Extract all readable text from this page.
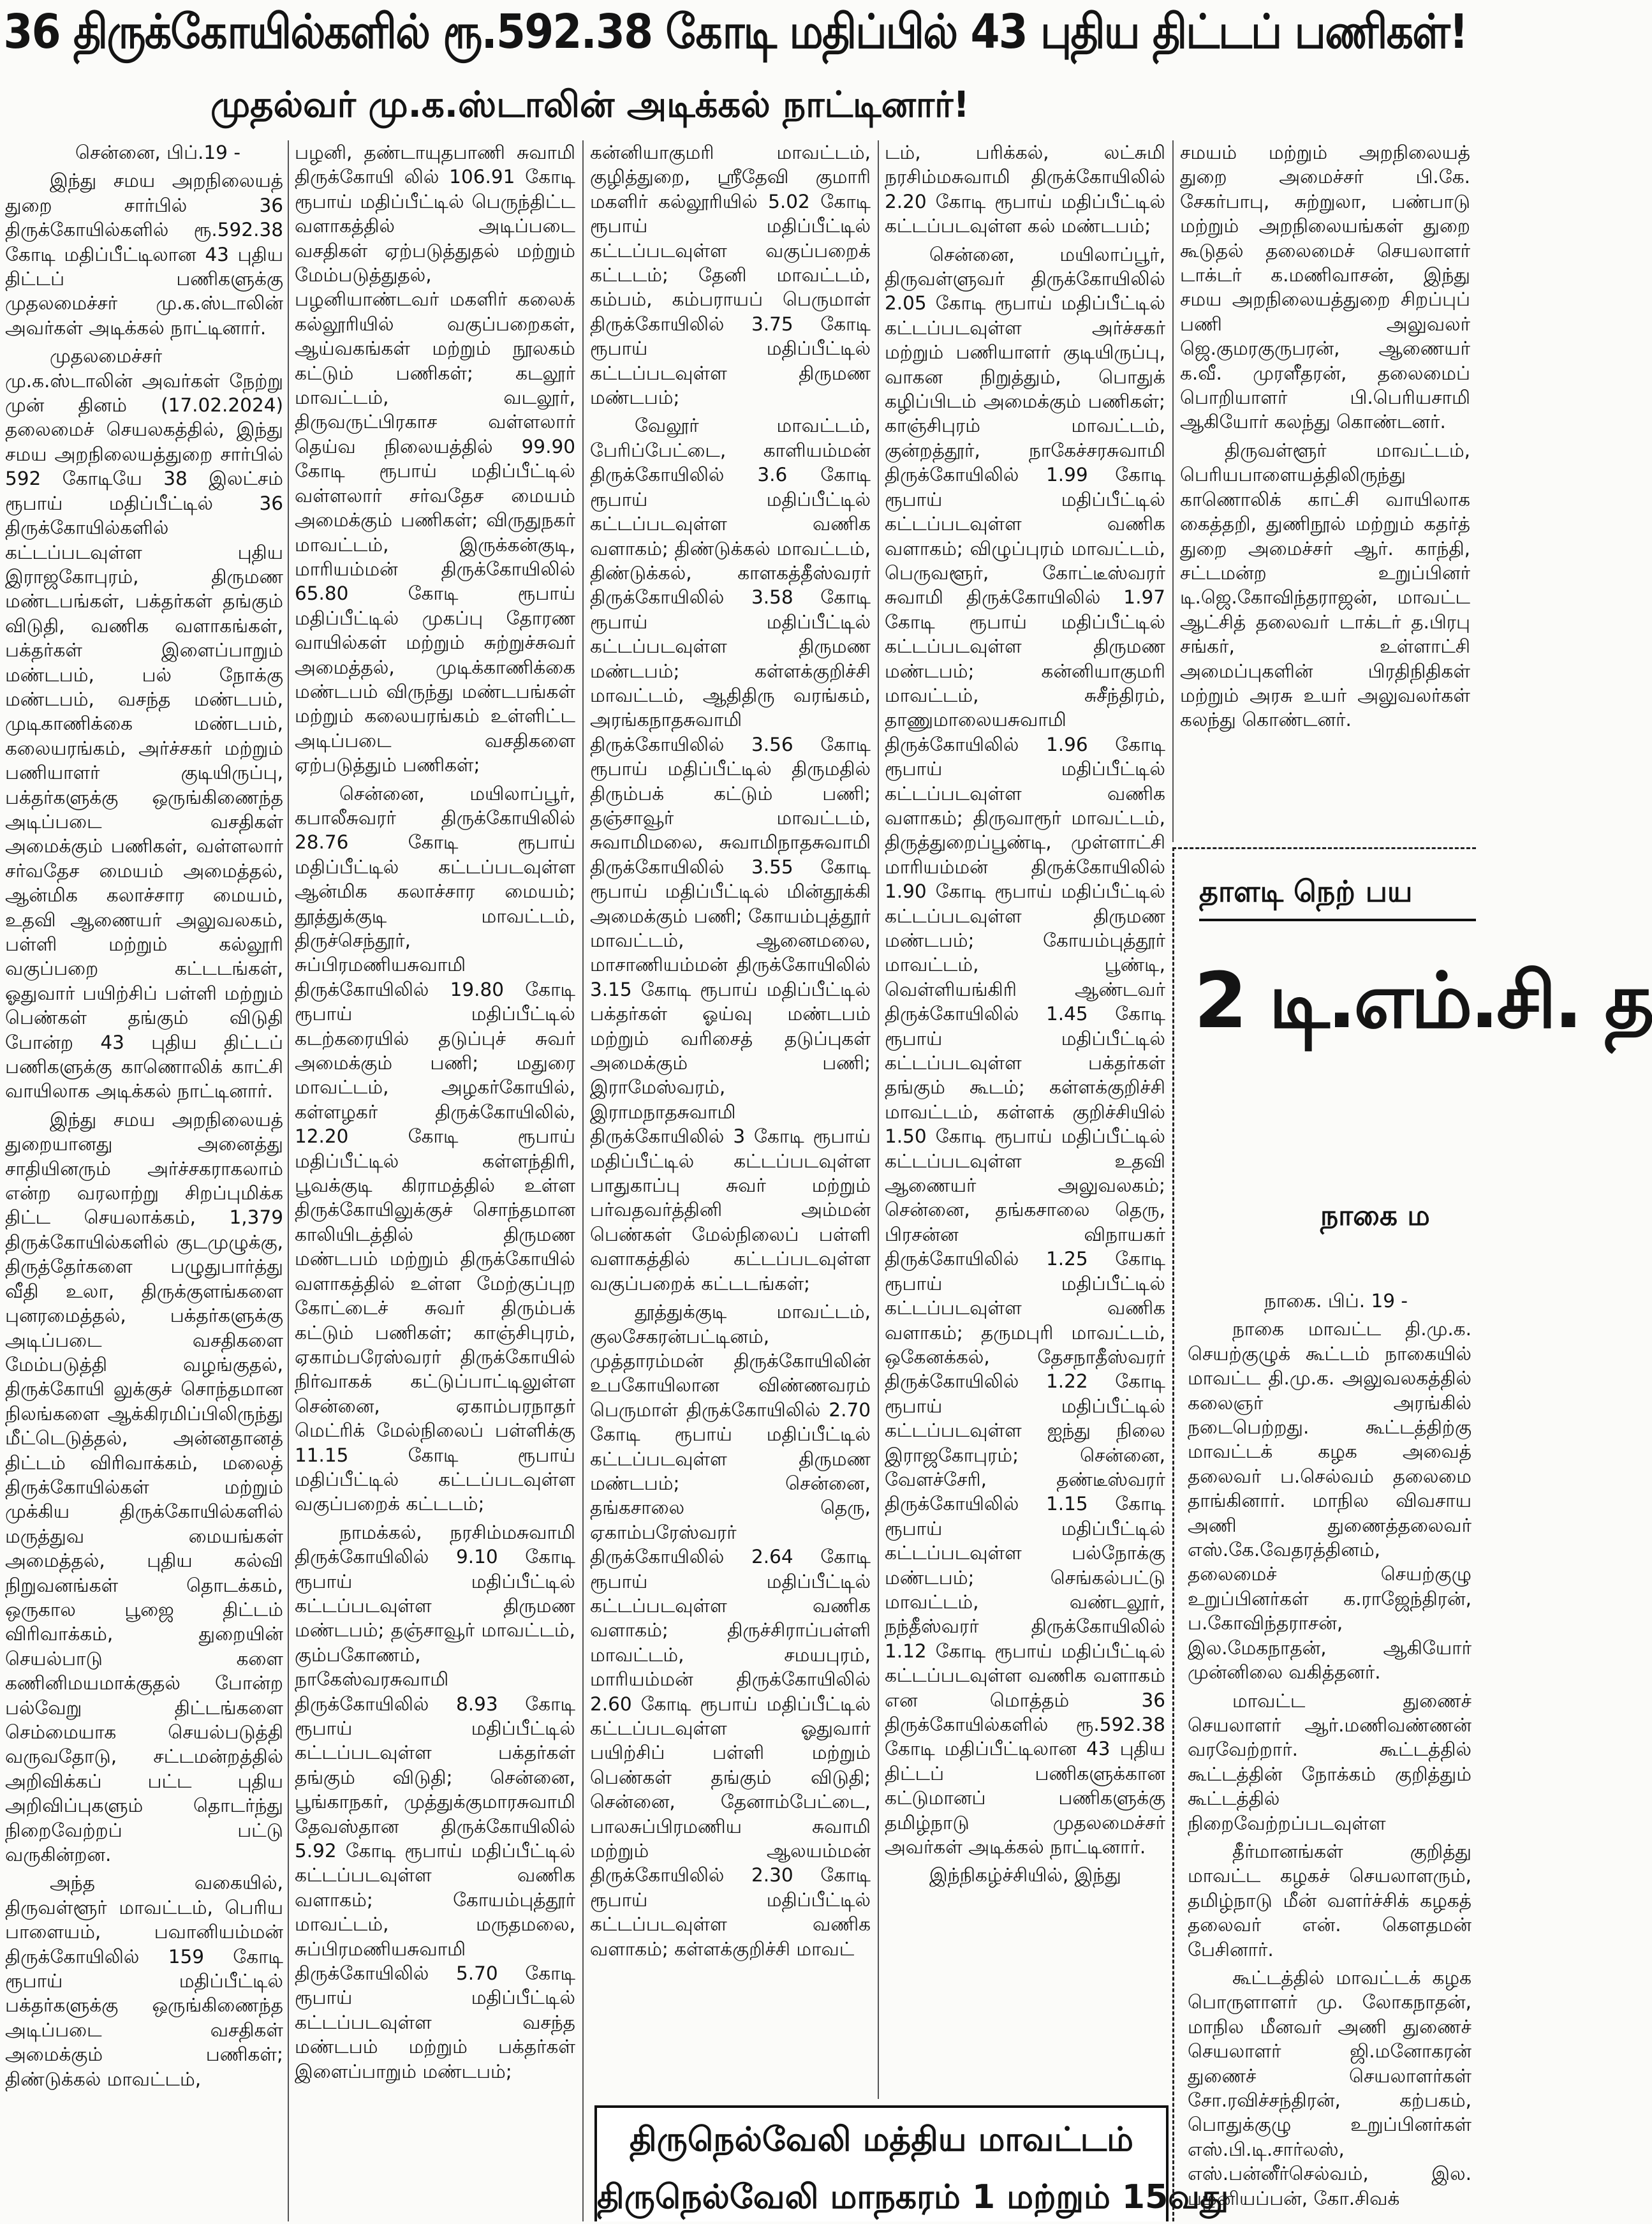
36 திருக்கோயில்களில் ரூ.592.38 கோடி மதிப்பில் 43 புதிய திட்டப் பணிகள்!
முதல்வர் மு.க.ஸ்டாலின் அடிக்கல் நாட்டினார்!

சென்னை, பிப்.19 -

இந்து சமய அறநிலையத் துறை சார்பில் 36 திருக்கோயில்களில் ரூ.592.38 கோடி மதிப்பீட்டிலான 43 புதிய திட்டப் பணிகளுக்கு முதலமைச்சர் மு.க.ஸ்டாலின் அவர்கள் அடிக்கல் நாட்டினார்.

முதலமைச்சர் மு.க.ஸ்டாலின் அவர்கள் நேற்று முன் தினம் (17.02.2024) தலைமைச் செயலகத்தில், இந்து சமய அறநிலையத்துறை சார்பில் 592 கோடியே 38 இலட்சம் ரூபாய் மதிப்பீட்டில் 36 திருக்கோயில்களில் கட்டப்படவுள்ள புதிய இராஜகோபுரம், திருமண மண்டபங்கள், பக்தர்கள் தங்கும் விடுதி, வணிக வளாகங்கள், பக்தர்கள் இளைப்பாறும் மண்டபம், பல் நோக்கு மண்டபம், வசந்த மண்டபம், முடிகாணிக்கை மண்டபம், கலையரங்கம், அர்ச்சகர் மற்றும் பணியாளர் குடியிருப்பு, பக்தர்களுக்கு ஒருங்கிணைந்த அடிப்படை வசதிகள் அமைக்கும் பணிகள், வள்ளலார் சர்வதேச மையம் அமைத்தல், ஆன்மிக கலாச்சார மையம், உதவி ஆணையர் அலுவலகம், பள்ளி மற்றும் கல்லூரி வகுப்பறை கட்டடங்கள், ஓதுவார் பயிற்சிப் பள்ளி மற்றும் பெண்கள் தங்கும் விடுதி போன்ற 43 புதிய திட்டப் பணிகளுக்கு காணொலிக் காட்சி வாயிலாக அடிக்கல் நாட்டினார்.

இந்து சமய அறநிலையத் துறையானது அனைத்து சாதியினரும் அர்ச்சகராகலாம் என்ற வரலாற்று சிறப்புமிக்க திட்ட செயலாக்கம், 1,379 திருக்கோயில்களில் குடமுழுக்கு, திருத்தேர்களை பழுதுபார்த்து வீதி உலா, திருக்குளங்களை புனரமைத்தல், பக்தர்களுக்கு அடிப்படை வசதிகளை மேம்படுத்தி வழங்குதல், திருக்கோயி லுக்குச் சொந்தமான நிலங்களை ஆக்கிரமிப்பிலிருந்து மீட்டெடுத்தல், அன்னதானத் திட்டம் விரிவாக்கம், மலைத் திருக்கோயில்கள் மற்றும் முக்கிய திருக்கோயில்களில் மருத்துவ மையங்கள் அமைத்தல், புதிய கல்வி நிறுவனங்கள் தொடக்கம், ஒருகால பூஜை திட்டம் விரிவாக்கம், துறையின் செயல்பாடு களை கணினிமயமாக்குதல் போன்ற பல்வேறு திட்டங்களை செம்மையாக செயல்படுத்தி வருவதோடு, சட்டமன்றத்தில் அறிவிக்கப் பட்ட புதிய அறிவிப்புகளும் தொடர்ந்து நிறைவேற்றப் பட்டு வருகின்றன.

அந்த வகையில், திருவள்ளூர் மாவட்டம், பெரிய பாளையம், பவானியம்மன் திருக்கோயிலில் 159 கோடி ரூபாய் மதிப்பீட்டில் பக்தர்களுக்கு ஒருங்கிணைந்த அடிப்படை வசதிகள் அமைக்கும் பணிகள்; திண்டுக்கல் மாவட்டம்,

பழனி, தண்டாயுதபாணி சுவாமி திருக்கோயி லில் 106.91 கோடி ரூபாய் மதிப்பீட்டில் பெருந்திட்ட வளாகத்தில் அடிப்படை வசதிகள் ஏற்படுத்துதல் மற்றும் மேம்படுத்துதல், பழனியாண்டவர் மகளிர் கலைக் கல்லூரியில் வகுப்பறைகள், ஆய்வகங்கள் மற்றும் நூலகம் கட்டும் பணிகள்; கடலூர் மாவட்டம், வடலூர், திருவருட்பிரகாச வள்ளலார் தெய்வ நிலையத்தில் 99.90 கோடி ரூபாய் மதிப்பீட்டில் வள்ளலார் சர்வதேச மையம் அமைக்கும் பணிகள்; விருதுநகர் மாவட்டம், இருக்கன்குடி, மாரியம்மன் திருக்கோயிலில் 65.80 கோடி ரூபாய் மதிப்பீட்டில் முகப்பு தோரண வாயில்கள் மற்றும் சுற்றுச்சுவர் அமைத்தல், முடிக்காணிக்கை மண்டபம் விருந்து மண்டபங்கள் மற்றும் கலையரங்கம் உள்ளிட்ட அடிப்படை வசதிகளை ஏற்படுத்தும் பணிகள்;

சென்னை, மயிலாப்பூர், கபாலீசுவரர் திருக்கோயிலில் 28.76 கோடி ரூபாய் மதிப்பீட்டில் கட்டப்படவுள்ள ஆன்மிக கலாச்சார மையம்; தூத்துக்குடி மாவட்டம், திருச்செந்தூர், சுப்பிரமணியசுவாமி திருக்கோயிலில் 19.80 கோடி ரூபாய் மதிப்பீட்டில் கடற்கரையில் தடுப்புச் சுவர் அமைக்கும் பணி; மதுரை மாவட்டம், அழகர்கோயில், கள்ளழகர் திருக்கோயிலில், 12.20 கோடி ரூபாய் மதிப்பீட்டில் கள்ளந்திரி, பூவக்குடி கிராமத்தில் உள்ள திருக்கோயிலுக்குச் சொந்தமான காலியிடத்தில் திருமண மண்டபம் மற்றும் திருக்கோயில் வளாகத்தில் உள்ள மேற்குப்புற கோட்டைச் சுவர் திரும்பக் கட்டும் பணிகள்; காஞ்சிபுரம், ஏகாம்பரேஸ்வரர் திருக்கோயில் நிர்வாகக் கட்டுப்பாட்டிலுள்ள சென்னை, ஏகாம்பரநாதர் மெட்ரிக் மேல்நிலைப் பள்ளிக்கு 11.15 கோடி ரூபாய் மதிப்பீட்டில் கட்டப்படவுள்ள வகுப்பறைக் கட்டடம்;

நாமக்கல், நரசிம்மசுவாமி திருக்கோயிலில் 9.10 கோடி ரூபாய் மதிப்பீட்டில் கட்டப்படவுள்ள திருமண மண்டபம்; தஞ்சாவூர் மாவட்டம், கும்பகோணம், நாகேஸ்வரசுவாமி திருக்கோயிலில் 8.93 கோடி ரூபாய் மதிப்பீட்டில் கட்டப்படவுள்ள பக்தர்கள் தங்கும் விடுதி; சென்னை, பூங்காநகர், முத்துக்குமாரசுவாமி தேவஸ்தான திருக்கோயிலில் 5.92 கோடி ரூபாய் மதிப்பீட்டில் கட்டப்படவுள்ள வணிக வளாகம்; கோயம்புத்தூர் மாவட்டம், மருதமலை, சுப்பிரமணியசுவாமி திருக்கோயிலில் 5.70 கோடி ரூபாய் மதிப்பீட்டில் கட்டப்படவுள்ள வசந்த மண்டபம் மற்றும் பக்தர்கள் இளைப்பாறும் மண்டபம்;

கன்னியாகுமரி மாவட்டம், குழித்துறை, ஸ்ரீதேவி குமாரி மகளிர் கல்லூரியில் 5.02 கோடி ரூபாய் மதிப்பீட்டில் கட்டப்படவுள்ள வகுப்பறைக் கட்டடம்; தேனி மாவட்டம், கம்பம், கம்பராயப் பெருமாள் திருக்கோயிலில் 3.75 கோடி ரூபாய் மதிப்பீட்டில் கட்டப்படவுள்ள திருமண மண்டபம்;

வேலூர் மாவட்டம், பேரிப்பேட்டை, காளியம்மன் திருக்கோயிலில் 3.6 கோடி ரூபாய் மதிப்பீட்டில் கட்டப்படவுள்ள வணிக வளாகம்; திண்டுக்கல் மாவட்டம், திண்டுக்கல், காளகத்தீஸ்வரர் திருக்கோயிலில் 3.58 கோடி ரூபாய் மதிப்பீட்டில் கட்டப்படவுள்ள திருமண மண்டபம்; கள்ளக்குறிச்சி மாவட்டம், ஆதிதிரு வரங்கம், அரங்கநாதசுவாமி திருக்கோயிலில் 3.56 கோடி ரூபாய் மதிப்பீட்டில் திருமதில் திரும்பக் கட்டும் பணி; தஞ்சாவூர் மாவட்டம், சுவாமிமலை, சுவாமிநாதசுவாமி திருக்கோயிலில் 3.55 கோடி ரூபாய் மதிப்பீட்டில் மின்தூக்கி அமைக்கும் பணி; கோயம்புத்தூர் மாவட்டம், ஆனைமலை, மாசாணியம்மன் திருக்கோயிலில் 3.15 கோடி ரூபாய் மதிப்பீட்டில் பக்தர்கள் ஓய்வு மண்டபம் மற்றும் வரிசைத் தடுப்புகள் அமைக்கும் பணி; இராமேஸ்வரம், இராமநாதசுவாமி திருக்கோயிலில் 3 கோடி ரூபாய் மதிப்பீட்டில் கட்டப்படவுள்ள பாதுகாப்பு சுவர் மற்றும் பர்வதவர்த்தினி அம்மன் பெண்கள் மேல்நிலைப் பள்ளி வளாகத்தில் கட்டப்படவுள்ள வகுப்பறைக் கட்டடங்கள்;

தூத்துக்குடி மாவட்டம், குலசேகரன்பட்டினம், முத்தாரம்மன் திருக்கோயிலின் உபகோயிலான விண்ணவரம் பெருமாள் திருக்கோயிலில் 2.70 கோடி ரூபாய் மதிப்பீட்டில் கட்டப்படவுள்ள திருமண மண்டபம்; சென்னை, தங்கசாலை தெரு, ஏகாம்பரேஸ்வரர் திருக்கோயிலில் 2.64 கோடி ரூபாய் மதிப்பீட்டில் கட்டப்படவுள்ள வணிக வளாகம்; திருச்சிராப்பள்ளி மாவட்டம், சமயபுரம், மாரியம்மன் திருக்கோயிலில் 2.60 கோடி ரூபாய் மதிப்பீட்டில் கட்டப்படவுள்ள ஓதுவார் பயிற்சிப் பள்ளி மற்றும் பெண்கள் தங்கும் விடுதி; சென்னை, தேனாம்பேட்டை, பாலசுப்பிரமணிய சுவாமி மற்றும் ஆலயம்மன் திருக்கோயிலில் 2.30 கோடி ரூபாய் மதிப்பீட்டில் கட்டப்படவுள்ள வணிக வளாகம்; கள்ளக்குறிச்சி மாவட்

டம், பரிக்கல், லட்சுமி நரசிம்மசுவாமி திருக்கோயிலில் 2.20 கோடி ரூபாய் மதிப்பீட்டில் கட்டப்படவுள்ள கல் மண்டபம்;

சென்னை, மயிலாப்பூர், திருவள்ளுவர் திருக்கோயிலில் 2.05 கோடி ரூபாய் மதிப்பீட்டில் கட்டப்படவுள்ள அர்ச்சகர் மற்றும் பணியாளர் குடியிருப்பு, வாகன நிறுத்தும், பொதுக் கழிப்பிடம் அமைக்கும் பணிகள்; காஞ்சிபுரம் மாவட்டம், குன்றத்தூர், நாகேச்சரசுவாமி திருக்கோயிலில் 1.99 கோடி ரூபாய் மதிப்பீட்டில் கட்டப்படவுள்ள வணிக வளாகம்; விழுப்புரம் மாவட்டம், பெருவளூர், கோட்டீஸ்வரர் சுவாமி திருக்கோயிலில் 1.97 கோடி ரூபாய் மதிப்பீட்டில் கட்டப்படவுள்ள திருமண மண்டபம்; கன்னியாகுமரி மாவட்டம், சுசீந்திரம், தாணுமாலையசுவாமி திருக்கோயிலில் 1.96 கோடி ரூபாய் மதிப்பீட்டில் கட்டப்படவுள்ள வணிக வளாகம்; திருவாரூர் மாவட்டம், திருத்துறைப்பூண்டி, முள்ளாட்சி மாரியம்மன் திருக்கோயிலில் 1.90 கோடி ரூபாய் மதிப்பீட்டில் கட்டப்படவுள்ள திருமண மண்டபம்; கோயம்புத்தூர் மாவட்டம், பூண்டி, வெள்ளியங்கிரி ஆண்டவர் திருக்கோயிலில் 1.45 கோடி ரூபாய் மதிப்பீட்டில் கட்டப்படவுள்ள பக்தர்கள் தங்கும் கூடம்; கள்ளக்குறிச்சி மாவட்டம், கள்ளக் குறிச்சியில் 1.50 கோடி ரூபாய் மதிப்பீட்டில் கட்டப்படவுள்ள உதவி ஆணையர் அலுவலகம்; சென்னை, தங்கசாலை தெரு, பிரசன்ன விநாயகர் திருக்கோயிலில் 1.25 கோடி ரூபாய் மதிப்பீட்டில் கட்டப்படவுள்ள வணிக வளாகம்; தருமபுரி மாவட்டம், ஒகேனக்கல், தேசநாதீஸ்வரர் திருக்கோயிலில் 1.22 கோடி ரூபாய் மதிப்பீட்டில் கட்டப்படவுள்ள ஐந்து நிலை இராஜகோபுரம்; சென்னை, வேளச்சேரி, தண்டீஸ்வரர் திருக்கோயிலில் 1.15 கோடி ரூபாய் மதிப்பீட்டில் கட்டப்படவுள்ள பல்நோக்கு மண்டபம்; செங்கல்பட்டு மாவட்டம், வண்டலூர், நந்தீஸ்வரர் திருக்கோயிலில் 1.12 கோடி ரூபாய் மதிப்பீட்டில் கட்டப்படவுள்ள வணிக வளாகம் என மொத்தம் 36 திருக்கோயில்களில் ரூ.592.38 கோடி மதிப்பீட்டிலான 43 புதிய திட்டப் பணிகளுக்கான கட்டுமானப் பணிகளுக்கு தமிழ்நாடு முதலமைச்சர் அவர்கள் அடிக்கல் நாட்டினார்.

இந்நிகழ்ச்சியில், இந்து

சமயம் மற்றும் அறநிலையத் துறை அமைச்சர் பி.கே. சேகர்பாபு, சுற்றுலா, பண்பாடு மற்றும் அறநிலையங்கள் துறை கூடுதல் தலைமைச் செயலாளர் டாக்டர் க.மணிவாசன், இந்து சமய அறநிலையத்துறை சிறப்புப் பணி அலுவலர் ஜெ.குமரகுருபரன், ஆணையர் க.வீ. முரளீதரன், தலைமைப் பொறியாளர் பி.பெரியசாமி ஆகியோர் கலந்து கொண்டனர்.

திருவள்ளூர் மாவட்டம், பெரியபாளையத்திலிருந்து காணொலிக் காட்சி வாயிலாக கைத்தறி, துணிநூல் மற்றும் கதர்த் துறை அமைச்சர் ஆர். காந்தி, சட்டமன்ற உறுப்பினர் டி.ஜெ.கோவிந்தராஜன், மாவட்ட ஆட்சித் தலைவர் டாக்டர் த.பிரபு சங்கர், உள்ளாட்சி அமைப்புகளின் பிரதிநிதிகள் மற்றும் அரசு உயர் அலுவலர்கள் கலந்து கொண்டனர்.

தாளடி நெற் பய
2 டி.எம்.சி. த
நாகை ம

நாகை. பிப். 19 -

நாகை மாவட்ட தி.மு.க. செயற்குழுக் கூட்டம் நாகையில் மாவட்ட தி.மு.க. அலுவலகத்தில் கலைஞர் அரங்கில் நடைபெற்றது. கூட்டத்திற்கு மாவட்டக் கழக அவைத் தலைவர் ப.செல்வம் தலைமை தாங்கினார். மாநில விவசாய அணி துணைத்தலைவர் எஸ்.கே.வேதரத்தினம், தலைமைச் செயற்குழு உறுப்பினர்கள் க.ராஜேந்திரன், ப.கோவிந்தராசன், இல.மேகநாதன், ஆகியோர் முன்னிலை வகித்தனர்.

மாவட்ட துணைச் செயலாளர் ஆர்.மணிவண்ணன் வரவேற்றார். கூட்டத்தில் கூட்டத்தின் நோக்கம் குறித்தும் கூட்டத்தில் நிறைவேற்றப்படவுள்ள

தீர்மானங்கள் குறித்து மாவட்ட கழகச் செயலாளரும், தமிழ்நாடு மீன் வளர்ச்சிக் கழகத் தலைவர் என். கௌதமன் பேசினார்.

கூட்டத்தில் மாவட்டக் கழக பொருளாளர் மு. லோகநாதன், மாநில மீனவர் அணி துணைச் செயலாளர் ஜி.மனோகரன் துணைச் செயலாளர்கள் சோ.ரவிச்சந்திரன், கற்பகம், பொதுக்குழு உறுப்பினர்கள் எஸ்.பி.டி.சார்லஸ், எஸ்.பன்னீர்செல்வம், இல. பழனியப்பன், கோ.சிவக்

திருநெல்வேலி மத்திய மாவட்டம்
திருநெல்வேலி மாநகரம் 1 மற்றும் 15வது
